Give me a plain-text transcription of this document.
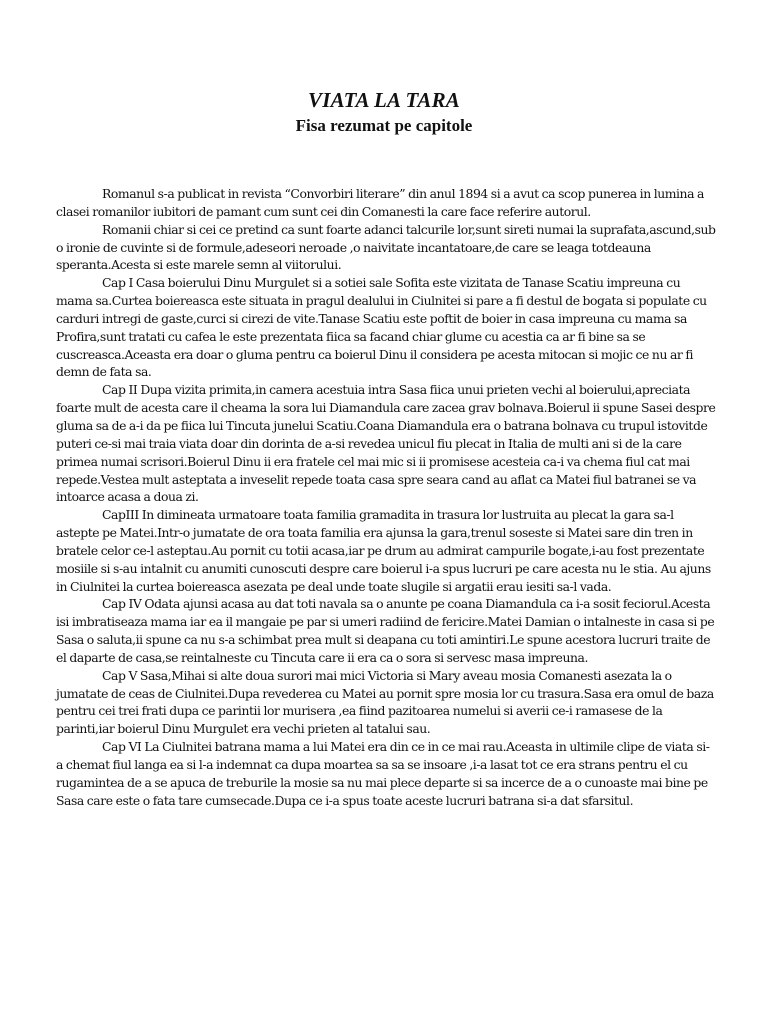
VIATA LA TARA
Fisa rezumat pe capitole

Romanul s-a publicat in revista “Convorbiri literare” din anul 1894 si a avut ca scop punerea in lumina a clasei romanilor iubitori de pamant cum sunt cei din Comanesti la care face referire autorul.

Romanii chiar si cei ce pretind ca sunt foarte adanci talcurile lor,sunt sireti numai la suprafata,ascund,sub o ironie de cuvinte si de formule,adeseori neroade ,o naivitate incantatoare,de care se leaga totdeauna speranta.Acesta si este marele semn al viitorului.

Cap I Casa boierului Dinu Murgulet si a sotiei sale Sofita este vizitata de Tanase Scatiu impreuna cu mama sa.Curtea boiereasca este situata in pragul dealului in Ciulnitei si pare a fi destul de bogata si populate cu carduri intregi de gaste,curci si cirezi de vite.Tanase Scatiu este poftit de boier in casa impreuna cu mama sa Profira,sunt tratati cu cafea le este prezentata fiica sa facand chiar glume cu acestia ca ar fi bine sa se cuscreasca.Aceasta era doar o gluma pentru ca boierul Dinu il considera pe acesta mitocan si mojic ce nu ar fi demn de fata sa.

Cap II Dupa vizita primita,in camera acestuia intra Sasa fiica unui prieten vechi al boierului,apreciata foarte mult de acesta care il cheama la sora lui Diamandula care zacea grav bolnava.Boierul ii spune Sasei despre gluma sa de a-i da pe fiica lui Tincuta junelui Scatiu.Coana Diamandula era o batrana bolnava cu trupul istovitde puteri ce-si mai traia viata doar din dorinta de a-si revedea unicul fiu plecat in Italia de multi ani si de la care primea numai scrisori.Boierul Dinu ii era fratele cel mai mic si ii promisese acesteia ca-i va chema fiul cat mai repede.Vestea mult asteptata a inveselit repede toata casa spre seara cand au aflat ca Matei fiul batranei se va intoarce acasa a doua zi.

CapIII In dimineata urmatoare toata familia gramadita in trasura lor lustruita au plecat la gara sa-l astepte pe Matei.Intr-o jumatate de ora toata familia era ajunsa la gara,trenul soseste si Matei sare din tren in bratele celor ce-l asteptau.Au pornit cu totii acasa,iar pe drum au admirat campurile bogate,i-au fost prezentate mosiile si s-au intalnit cu anumiti cunoscuti despre care boierul i-a spus lucruri pe care acesta nu le stia. Au ajuns in Ciulnitei la curtea boiereasca asezata pe deal unde toate slugile si argatii erau iesiti sa-l vada.

Cap IV Odata ajunsi acasa au dat toti navala sa o anunte pe coana Diamandula ca i-a sosit feciorul.Acesta isi imbratiseaza mama iar ea il mangaie pe par si umeri radiind de fericire.Matei Damian o intalneste in casa si pe Sasa o saluta,ii spune ca nu s-a schimbat prea mult si deapana cu toti amintiri.Le spune acestora lucruri traite de el daparte de casa,se reintalneste cu Tincuta care ii era ca o sora si servesc masa impreuna.

Cap V Sasa,Mihai si alte doua surori mai mici Victoria si Mary aveau mosia Comanesti asezata la o jumatate de ceas de Ciulnitei.Dupa revederea cu Matei au pornit spre mosia lor cu trasura.Sasa era omul de baza pentru cei trei frati dupa ce parintii lor murisera ,ea fiind pazitoarea numelui si averii ce-i ramasese de la parinti,iar boierul Dinu Murgulet era vechi prieten al tatalui sau.

Cap VI La Ciulnitei batrana mama a lui Matei era din ce in ce mai rau.Aceasta in ultimile clipe de viata si-a chemat fiul langa ea si l-a indemnat ca dupa moartea sa sa se insoare ,i-a lasat tot ce era strans pentru el cu rugamintea de a se apuca de treburile la mosie sa nu mai plece departe si sa incerce de a o cunoaste mai bine pe Sasa care este o fata tare cumsecade.Dupa ce i-a spus toate aceste lucruri batrana si-a dat sfarsitul.
